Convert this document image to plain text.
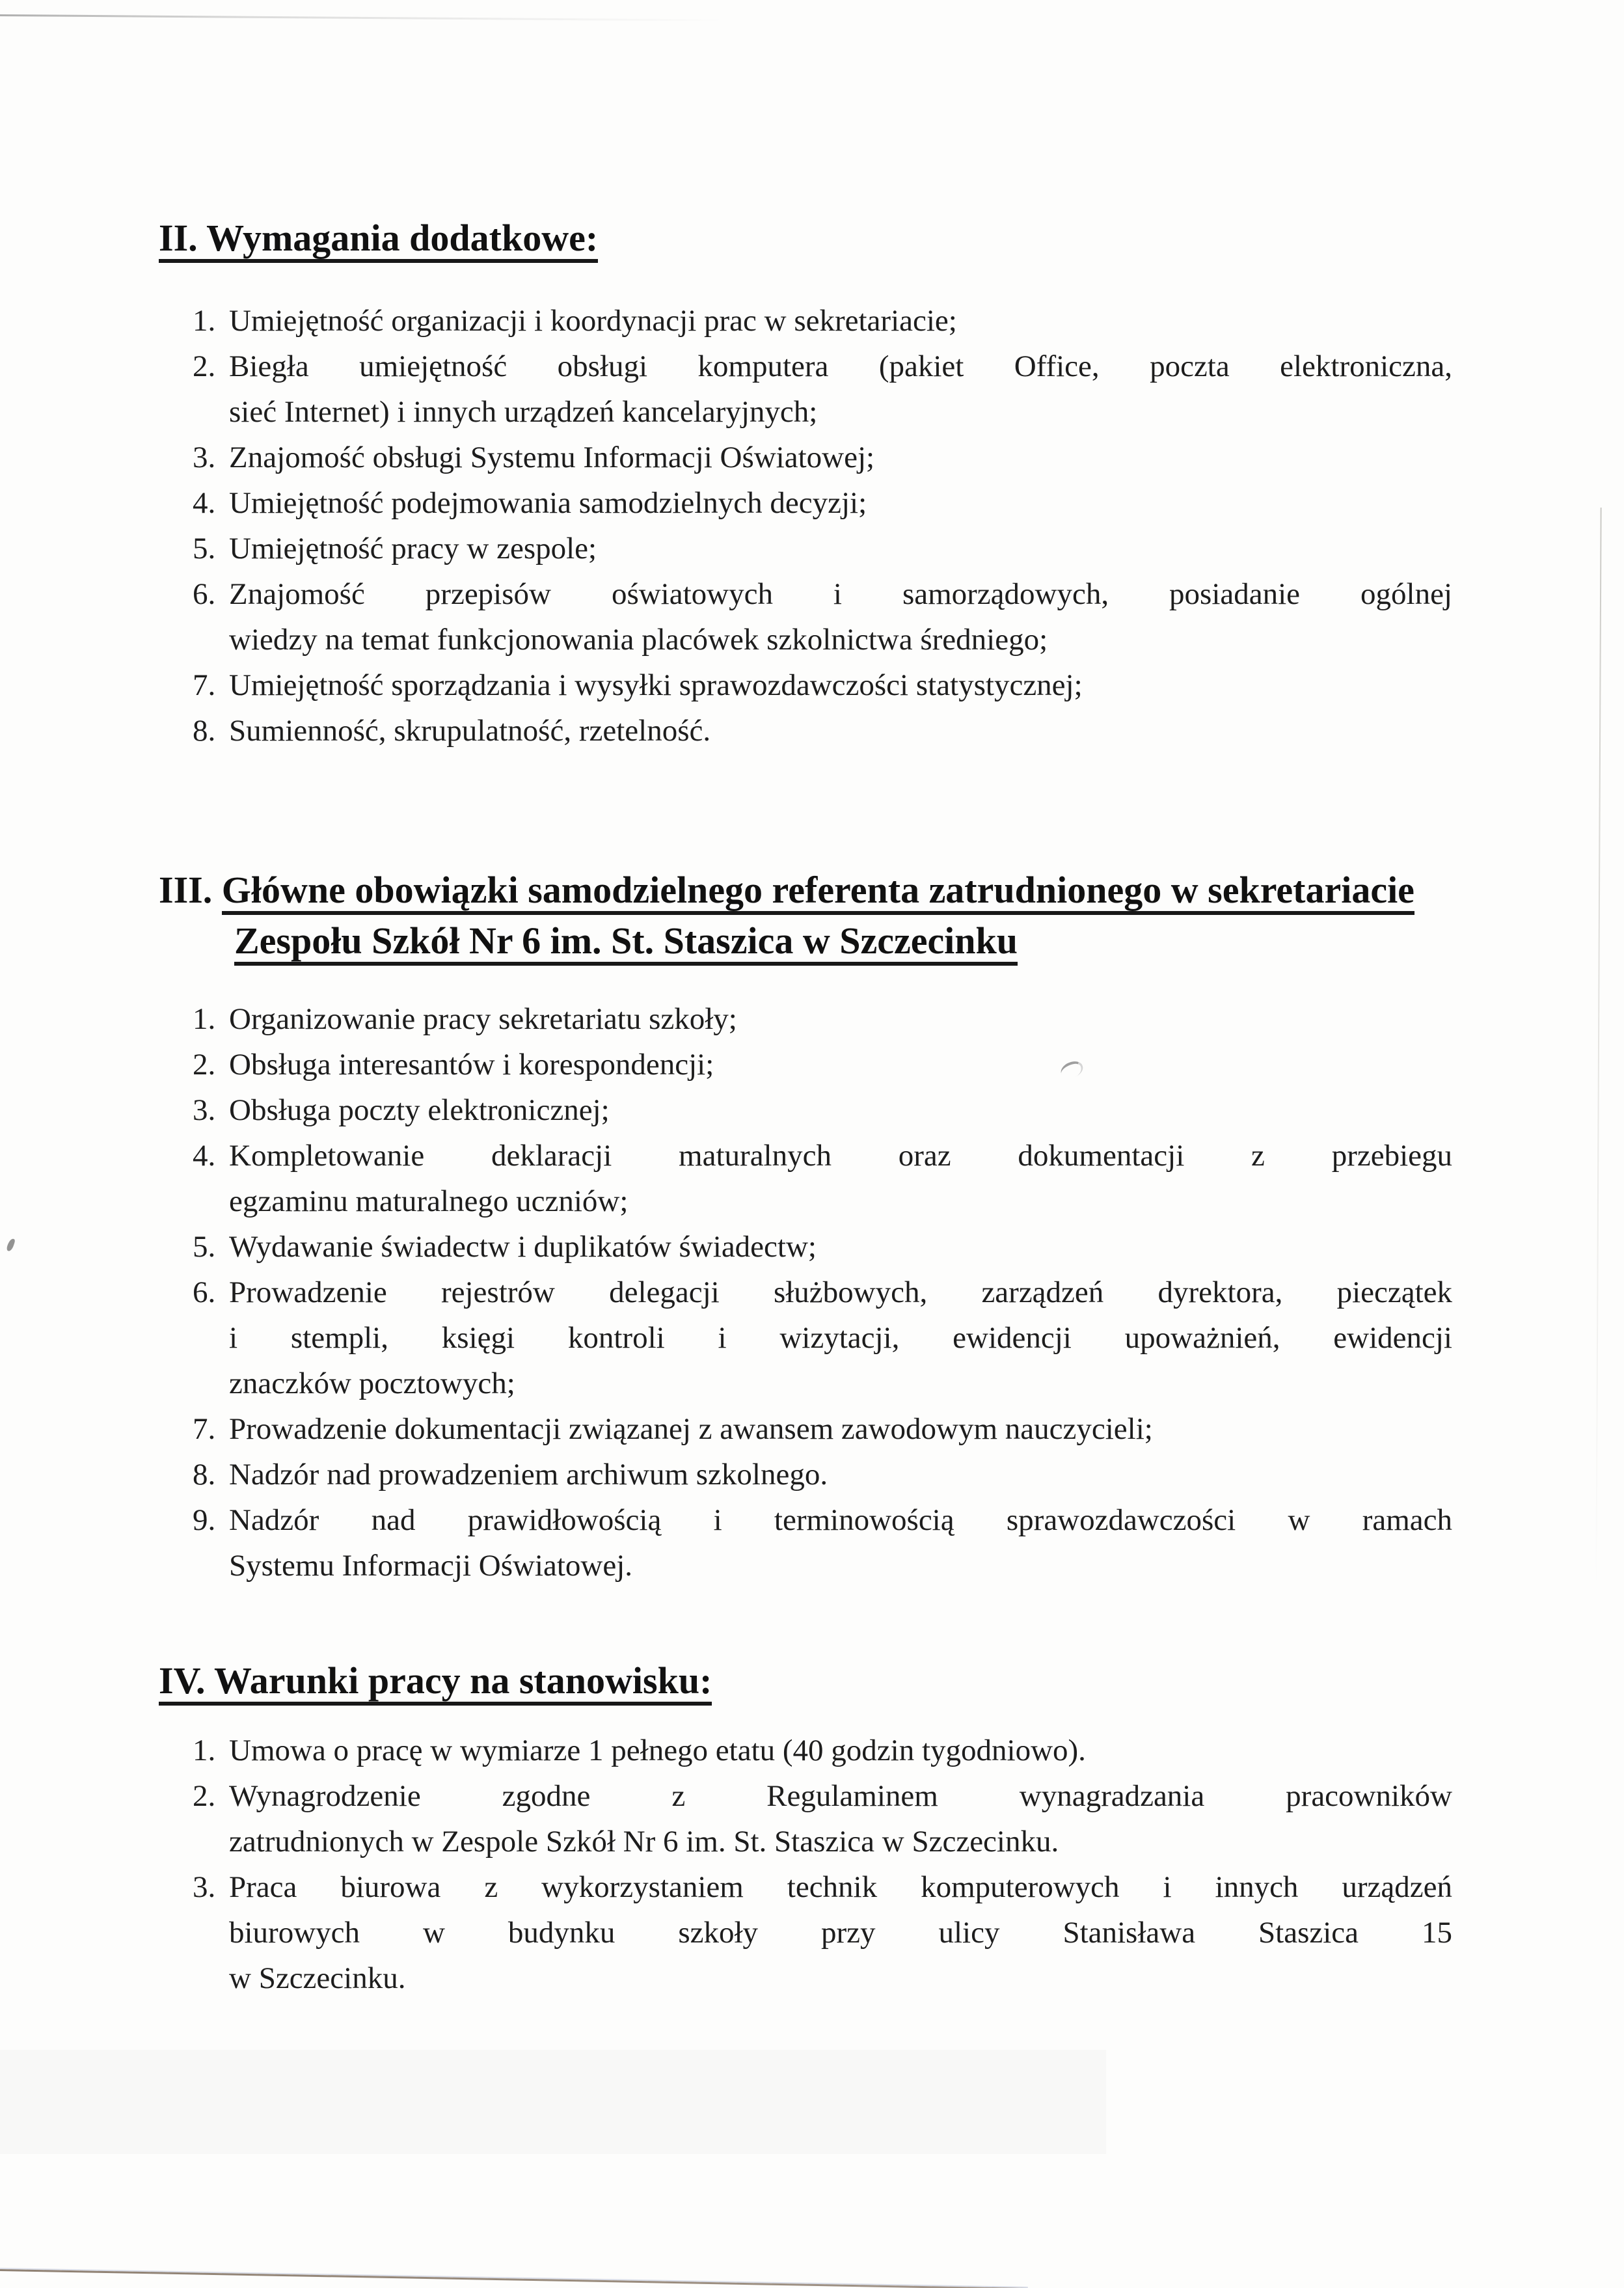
II. Wymagania dodatkowe:
1. Umiejętność organizacji i koordynacji prac w sekretariacie;
2. Biegła umiejętność obsługi komputera (pakiet Office, poczta elektroniczna,
sieć Internet) i innych urządzeń kancelaryjnych;
3. Znajomość obsługi Systemu Informacji Oświatowej;
4. Umiejętność podejmowania samodzielnych decyzji;
5. Umiejętność pracy w zespole;
6. Znajomość przepisów oświatowych i samorządowych, posiadanie ogólnej
wiedzy na temat funkcjonowania placówek szkolnictwa średniego;
7. Umiejętność sporządzania i wysyłki sprawozdawczości statystycznej;
8. Sumienność, skrupulatność, rzetelność.
III. Główne obowiązki samodzielnego referenta zatrudnionego w sekretariacie
Zespołu Szkół Nr 6 im. St. Staszica w Szczecinku
1. Organizowanie pracy sekretariatu szkoły;
2. Obsługa interesantów i korespondencji;
3. Obsługa poczty elektronicznej;
4. Kompletowanie deklaracji maturalnych oraz dokumentacji z przebiegu
egzaminu maturalnego uczniów;
5. Wydawanie świadectw i duplikatów świadectw;
6. Prowadzenie rejestrów delegacji służbowych, zarządzeń dyrektora, pieczątek
i stempli, księgi kontroli i wizytacji, ewidencji upoważnień, ewidencji
znaczków pocztowych;
7. Prowadzenie dokumentacji związanej z awansem zawodowym nauczycieli;
8. Nadzór nad prowadzeniem archiwum szkolnego.
9. Nadzór nad prawidłowością i terminowością sprawozdawczości w ramach
Systemu Informacji Oświatowej.
IV. Warunki pracy na stanowisku:
1. Umowa o pracę w wymiarze 1 pełnego etatu (40 godzin tygodniowo).
2. Wynagrodzenie zgodne z Regulaminem wynagradzania pracowników
zatrudnionych w Zespole Szkół Nr 6 im. St. Staszica w Szczecinku.
3. Praca biurowa z wykorzystaniem technik komputerowych i innych urządzeń
biurowych w budynku szkoły przy ulicy Stanisława Staszica 15
w Szczecinku.
